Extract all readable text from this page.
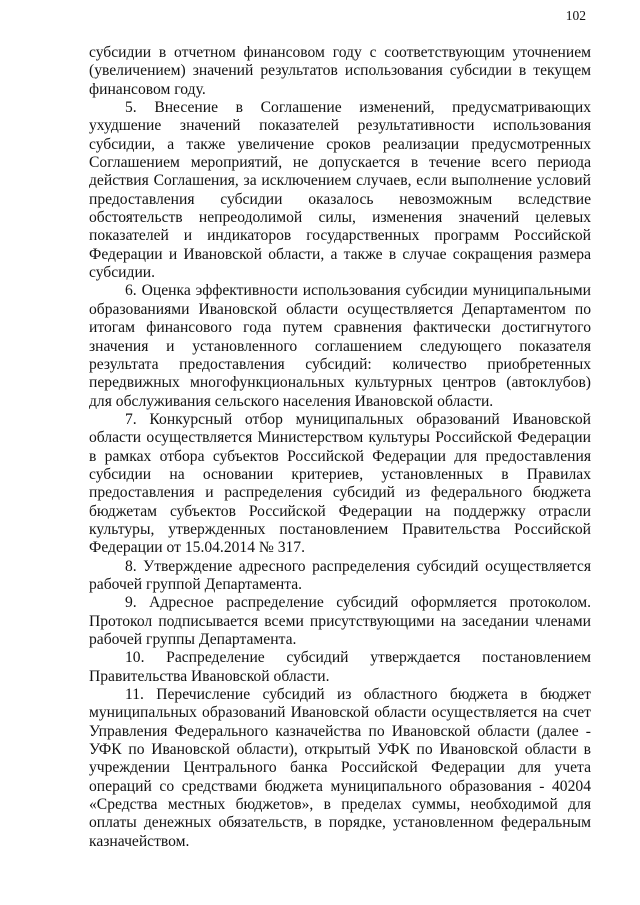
102

субсидии в отчетном финансовом году с соответствующим уточнением (увеличением) значений результатов использования субсидии в текущем финансовом году.

5. Внесение в Соглашение изменений, предусматривающих ухудшение значений показателей результативности использования субсидии, а также увеличение сроков реализации предусмотренных Соглашением мероприятий, не допускается в течение всего периода действия Соглашения, за исключением случаев, если выполнение условий предоставления субсидии оказалось невозможным вследствие обстоятельств непреодолимой силы, изменения значений целевых показателей и индикаторов государственных программ Российской Федерации и Ивановской области, а также в случае сокращения размера субсидии.

6. Оценка эффективности использования субсидии муниципальными образованиями Ивановской области осуществляется Департаментом по итогам финансового года путем сравнения фактически достигнутого значения и установленного соглашением следующего показателя результата предоставления субсидий: количество приобретенных передвижных многофункциональных культурных центров (автоклубов) для обслуживания сельского населения Ивановской области.

7. Конкурсный отбор муниципальных образований Ивановской области осуществляется Министерством культуры Российской Федерации в рамках отбора субъектов Российской Федерации для предоставления субсидии на основании критериев, установленных в Правилах предоставления и распределения субсидий из федерального бюджета бюджетам субъектов Российской Федерации на поддержку отрасли культуры, утвержденных постановлением Правительства Российской Федерации от 15.04.2014 № 317.

8. Утверждение адресного распределения субсидий осуществляется рабочей группой Департамента.

9. Адресное распределение субсидий оформляется протоколом. Протокол подписывается всеми присутствующими на заседании членами рабочей группы Департамента.

10. Распределение субсидий утверждается постановлением Правительства Ивановской области.

11. Перечисление субсидий из областного бюджета в бюджет муниципальных образований Ивановской области осуществляется на счет Управления Федерального казначейства по Ивановской области (далее - УФК по Ивановской области), открытый УФК по Ивановской области в учреждении Центрального банка Российской Федерации для учета операций со средствами бюджета муниципального образования - 40204 «Средства местных бюджетов», в пределах суммы, необходимой для оплаты денежных обязательств, в порядке, установленном федеральным казначейством.
